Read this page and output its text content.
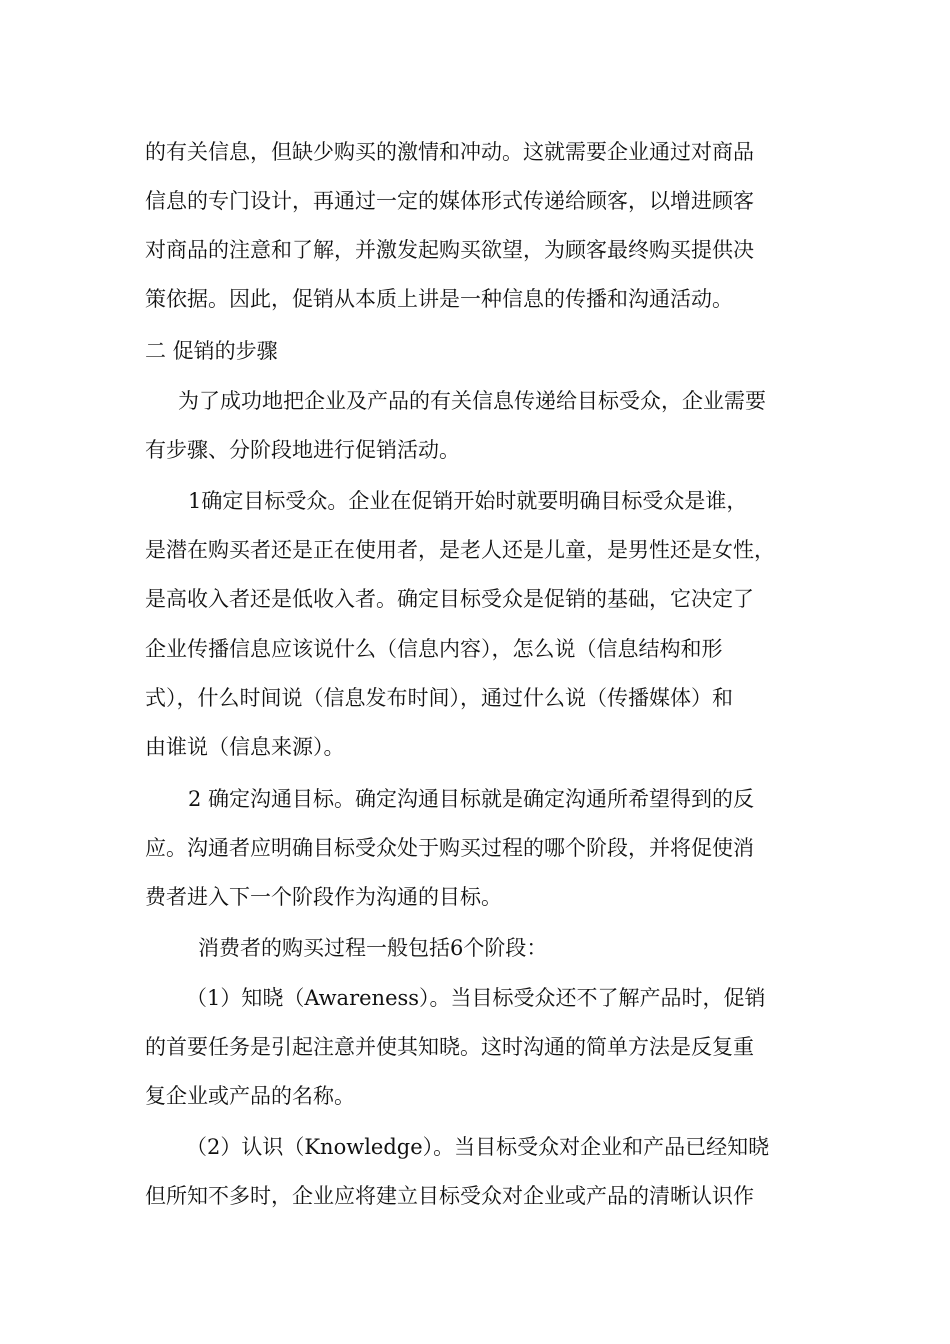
的有关信息，但缺少购买的激情和冲动。这就需要企业通过对商品
信息的专门设计，再通过一定的媒体形式传递给顾客，以增进顾客
对商品的注意和了解，并激发起购买欲望，为顾客最终购买提供决
策依据。因此，促销从本质上讲是一种信息的传播和沟通活动。
二 促销的步骤
为了成功地把企业及产品的有关信息传递给目标受众，企业需要
有步骤、分阶段地进行促销活动。
1确定目标受众。企业在促销开始时就要明确目标受众是谁，
是潜在购买者还是正在使用者，是老人还是儿童，是男性还是女性，
是高收入者还是低收入者。确定目标受众是促销的基础，它决定了
企业传播信息应该说什么（信息内容），怎么说（信息结构和形
式），什么时间说（信息发布时间），通过什么说（传播媒体）和
由谁说（信息来源）。
2 确定沟通目标。确定沟通目标就是确定沟通所希望得到的反
应。沟通者应明确目标受众处于购买过程的哪个阶段，并将促使消
费者进入下一个阶段作为沟通的目标。
消费者的购买过程一般包括6个阶段：
（1）知晓（Awareness）。当目标受众还不了解产品时，促销
的首要任务是引起注意并使其知晓。这时沟通的简单方法是反复重
复企业或产品的名称。
（2）认识（Knowledge）。当目标受众对企业和产品已经知晓
但所知不多时，企业应将建立目标受众对企业或产品的清晰认识作
